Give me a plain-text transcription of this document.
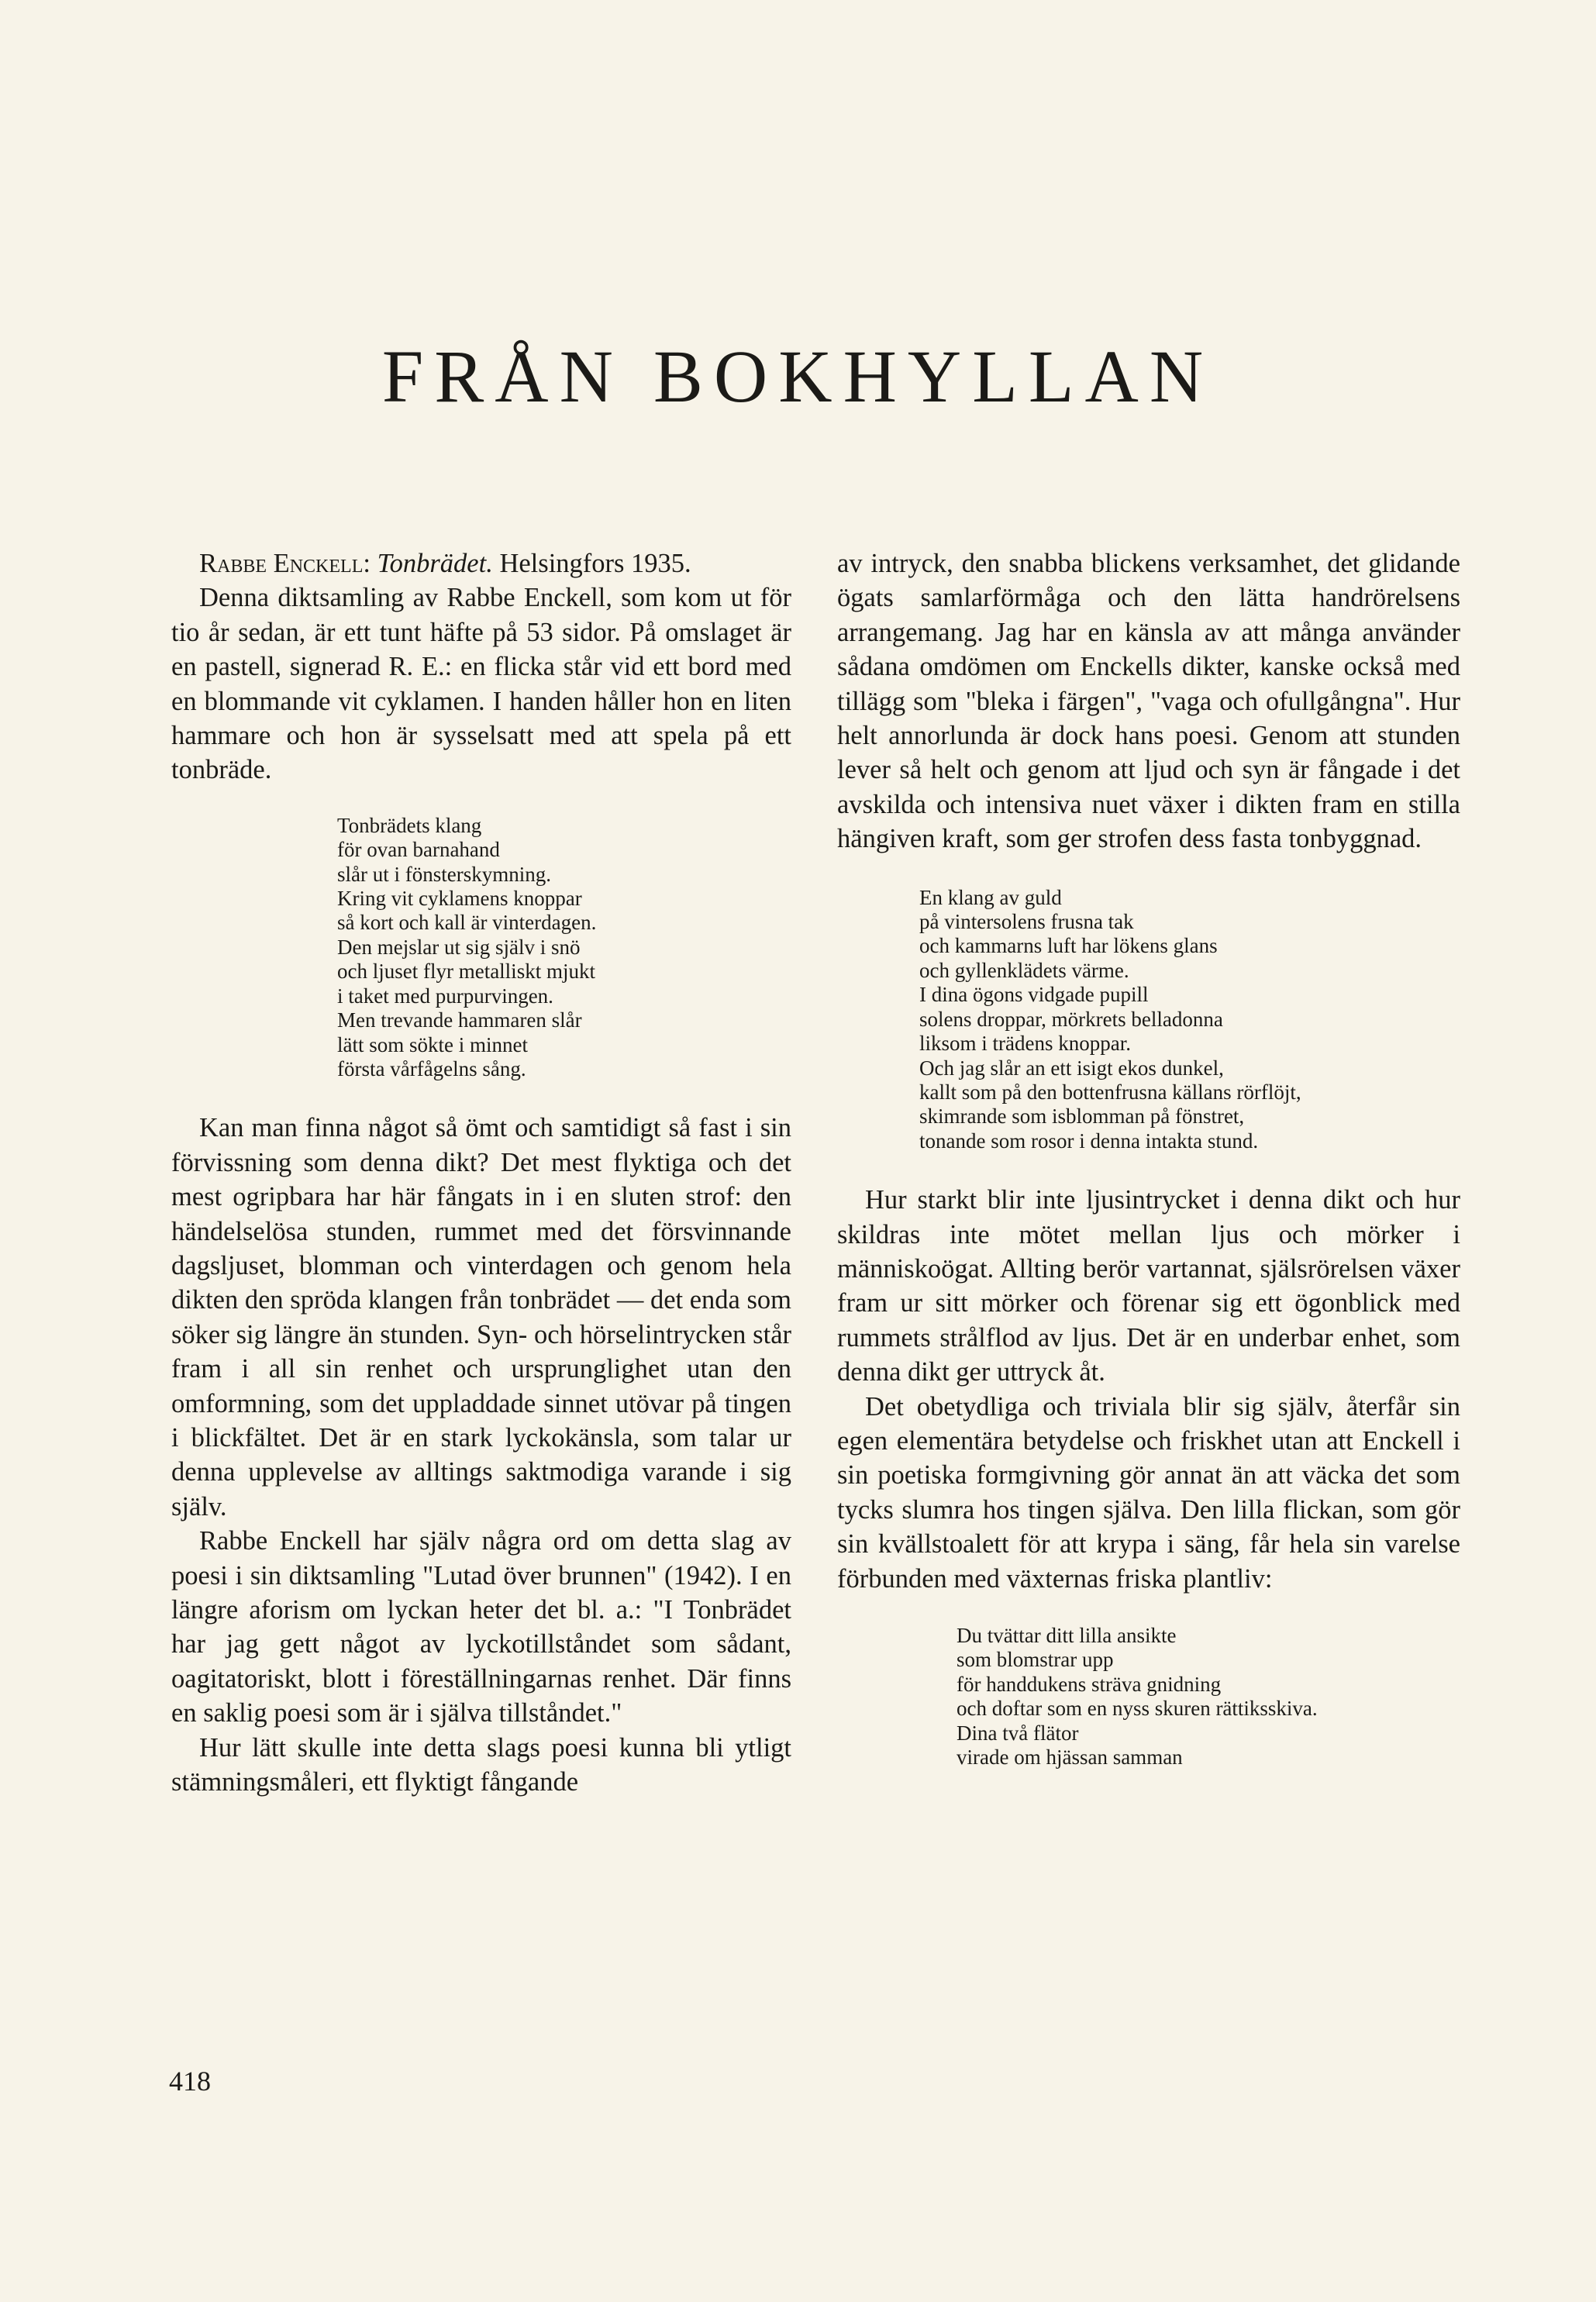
FRÅN BOKHYLLAN

Rabbe Enckell: Tonbrädet. Helsingfors 1935.

Denna diktsamling av Rabbe Enckell, som kom ut för tio år sedan, är ett tunt häfte på 53 sidor. På omslaget är en pastell, signerad R. E.: en flicka står vid ett bord med en blommande vit cyklamen. I handen håller hon en liten hammare och hon är sysselsatt med att spela på ett tonbräde.

Tonbrädets klang
för ovan barnahand
slår ut i fönsterskymning.
Kring vit cyklamens knoppar
så kort och kall är vinterdagen.
Den mejslar ut sig själv i snö
och ljuset flyr metalliskt mjukt
i taket med purpurvingen.
Men trevande hammaren slår
lätt som sökte i minnet
första vårfågelns sång.

Kan man finna något så ömt och samtidigt så fast i sin förvissning som denna dikt? Det mest flyktiga och det mest ogripbara har här fångats in i en sluten strof: den händelselösa stunden, rummet med det försvinnande dagsljuset, blomman och vinterdagen och genom hela dikten den spröda klangen från tonbrädet — det enda som söker sig längre än stunden. Syn- och hörselintrycken står fram i all sin renhet och ursprunglighet utan den omformning, som det uppladdade sinnet utövar på tingen i blickfältet. Det är en stark lyckokänsla, som talar ur denna upplevelse av alltings saktmodiga varande i sig själv.

Rabbe Enckell har själv några ord om detta slag av poesi i sin diktsamling "Lutad över brunnen" (1942). I en längre aforism om lyckan heter det bl. a.: "I Tonbrädet har jag gett något av lyckotillståndet som sådant, oagitatoriskt, blott i föreställningarnas renhet. Där finns en saklig poesi som är i själva tillståndet."

Hur lätt skulle inte detta slags poesi kunna bli ytligt stämningsmåleri, ett flyktigt fångande

av intryck, den snabba blickens verksamhet, det glidande ögats samlarförmåga och den lätta handrörelsens arrangemang. Jag har en känsla av att många använder sådana omdömen om Enckells dikter, kanske också med tillägg som "bleka i färgen", "vaga och ofullgångna". Hur helt annorlunda är dock hans poesi. Genom att stunden lever så helt och genom att ljud och syn är fångade i det avskilda och intensiva nuet växer i dikten fram en stilla hängiven kraft, som ger strofen dess fasta tonbyggnad.

En klang av guld
på vintersolens frusna tak
och kammarns luft har lökens glans
och gyllenklädets värme.
I dina ögons vidgade pupill
solens droppar, mörkrets belladonna
liksom i trädens knoppar.
Och jag slår an ett isigt ekos dunkel,
kallt som på den bottenfrusna källans rörflöjt,
skimrande som isblomman på fönstret,
tonande som rosor i denna intakta stund.

Hur starkt blir inte ljusintrycket i denna dikt och hur skildras inte mötet mellan ljus och mörker i människoögat. Allting berör vartannat, själsrörelsen växer fram ur sitt mörker och förenar sig ett ögonblick med rummets strålflod av ljus. Det är en underbar enhet, som denna dikt ger uttryck åt.

Det obetydliga och triviala blir sig själv, återfår sin egen elementära betydelse och friskhet utan att Enckell i sin poetiska formgivning gör annat än att väcka det som tycks slumra hos tingen själva. Den lilla flickan, som gör sin kvällstoalett för att krypa i säng, får hela sin varelse förbunden med växternas friska plantliv:

Du tvättar ditt lilla ansikte
som blomstrar upp
för handdukens sträva gnidning
och doftar som en nyss skuren rättiksskiva.
Dina två flätor
virade om hjässan samman
418
